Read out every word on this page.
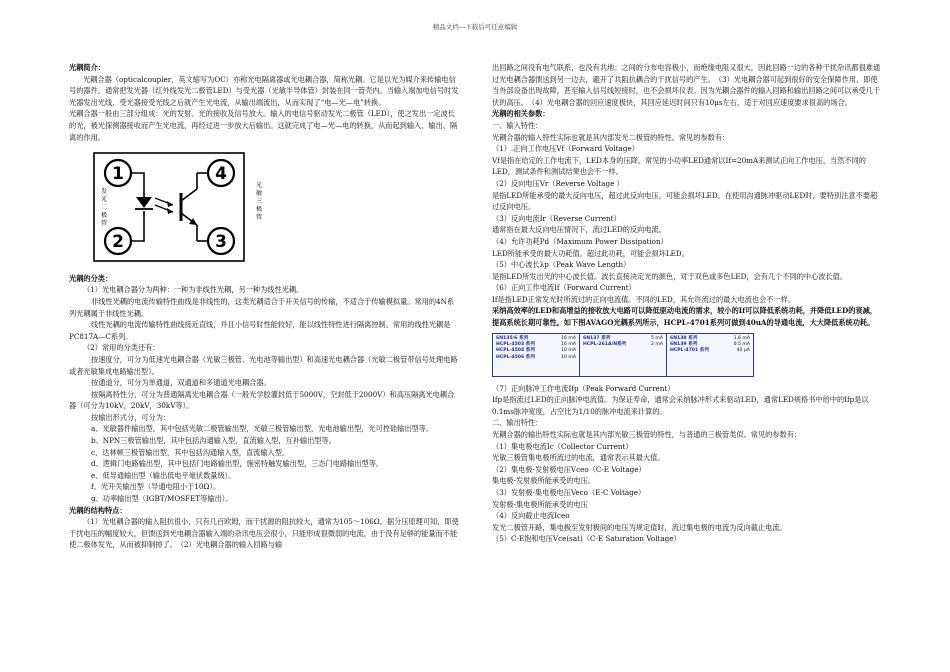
精品文档---下载后可任意编辑

光耦简介：

光耦合器（opticalcoupler，英文缩写为OC）亦称光电隔离器或光电耦合器，简称光耦。它是以光为媒介来传输电信号的器件，通常把发光器（红外线发光二极管LED）与受光器（光敏半导体管）封装在同一管壳内。当输入端加电信号时发光器发出光线，受光器接受光线之后就产生光电流，从输出端流出，从而实现了“电—光—电”转换。

光耦合器一般由三部分组成：光的发射、光的接收及信号放大。输入的电信号驱动发光二极管（LED），使之发出一定波长的光，被光探测器接收而产生光电流，再经过进一步放大后输出。这就完成了电—光—电的转换，从而起到输入、输出、隔离的作用。

1
2
4
3
发光二极管
光敏三极管

光耦的分类：

（1）光电耦合器分为两种：一种为非线性光耦，另一种为线性光耦。

非线性光耦的电流传输特性曲线是非线性的，这类光耦适合于开关信号的传输，不适合于传输模拟量。常用的4N系列光耦属于非线性光耦。

线性光耦的电流传输特性曲线接近直线，并且小信号时性能较好，能以线性特性进行隔离控制。常用的线性光耦是PC817A—C系列。

（2）常用的分类还有：

按速度分，可分为低速光电耦合器（光敏三极管、光电池等输出型）和高速光电耦合器（光敏二极管带信号处理电路或者光敏集成电路输出型）。

按通道分，可分为单通道，双通道和多通道光电耦合器。

按隔离特性分，可分为普通隔离光电耦合器（一般光学胶灌封低于5000V，空封低于2000V）和高压隔离光电耦合器（可分为10kV，20kV，30kV等）。

按输出形式分，可分为：

a、光敏器件输出型，其中包括光敏二极管输出型，光敏三极管输出型，光电池输出型，光可控硅输出型等。

b、NPN三极管输出型，其中包括沟通输入型，直流输入型，互补输出型等。

c、达林顿三极管输出型，其中包括沟通输入型，直流输入型。

d、逻辑门电路输出型，其中包括门电路输出型，施密特触发输出型，三态门电路输出型等。

e、低导通输出型（输出低电平毫伏数量级）。

f、光开关输出型（导通电阻小于10Ω）。

g、功率输出型（IGBT/MOSFET等输出）。

光耦的结构特点：

（1）光电耦合器的输入阻抗很小，只有几百欧姆，而干扰源的阻抗较大，通常为105～106Ω。据分压原理可知，即使干扰电压的幅度较大，但馈送到光电耦合器输入端的杂讯电压会很小，只能形成很微弱的电流，由于没有足够的能量而不能使二极体发光，从而被抑制掉了。　（2）光电耦合器的输入回路与输

出回路之间没有电气联系，也没有共地；之间的分布电容极小，而绝缘电阻又很大，因此回路一边的各种干扰杂讯都很难通过光电耦合器馈送到另一边去，避开了共阻抗耦合的干扰信号的产生。　（3）光电耦合器可起到很好的安全保障作用，即使当外部设备出现故障，甚至输入信号线短接时，也不会损坏仪表。因为光耦合器件的输入回路和输出回路之间可以承受几千伏的高压。　（4）光电耦合器的回应速度极快，其回应延迟时间只有10μs左右，适于对回应速度要求很高的场合。

光耦的相关参数：

一、输入特性：

光耦合器的输入特性实际也就是其内部发光二极管的特性。常见的参数有：

（1）.正向工作电压Vf（Forward Voltage）

Vf是指在给定的工作电流下，LED本身的压降。常见的小功率LED通常以If=20mA来测试正向工作电压，当然不同的LED，测试条件和测试结果也会不一样。

（2）反向电压Vr（Reverse Voltage ）

是指LED所能承受的最大反向电压，超过此反向电压，可能会损坏LED。在使用沟通脉冲驱动LED时，要特别注意不要超过反向电压。

（3）反向电流Ir（Reverse Current）

通常指在最大反向电压情况下，流过LED的反向电流。

（4）允许功耗Pd（Maximum Power Dissipation）

LED所能承受的最大功耗值。超过此功耗，可能会损坏LED。

（5）中心波长λp（Peak Wave Length）

是指LED所发出光的中心波长值。波长直接决定光的颜色，对于双色或多色LED，会有几个不同的中心波长值。

（6）正向工作电流If（Forward Current）

If是指LED正常发光时所流过的正向电流值。不同的LED，其允许流过的最大电流也会不一样。

采纳高效率的LED和高增益的接收放大电路可以降低驱动电流的需求，较小的If可以降低系统功耗，并降低LED的衰减，提高系统长期可靠性。如下图AVAGO光耦系列所示，HCPL-4701系列可做到40uA的导通电流，大大降低系统功耗。

6N135/6 系列	16 mA
HCPL-4503 系列	16 mA
HCPL-4504 系列	10 mA
HCPL-4506 系列	10 mA
6N137 系列	5 mA
HCPL-261A/N系列	2 mA
6N138 系列	1.6 mA
6N139 系列	0.5 mA
HCPL-4701 系列	40 μA

（7）正向脉冲工作电流Ifp（Peak Forward Current）

Ifp是指流过LED的正向脉冲电流值。为保证寿命，通常会采纳脉冲形式来驱动LED，通常LED规格书中给中的Ifp是以0.1ms脉冲宽度，占空比为1/10的脉冲电流来计算的。

二、输出特性：

光耦合器的输出特性实际也就是其内部光敏三极管的特性，与普通的三极管类似。常见的参数有：

（1）集电极电流Ic（Collector Current）

光敏三极管集电极所流过的电流，通常表示其最大值。

（2）集电极-发射极电压Vceo（C-E Voltage）

集电极-发射极所能承受的电压。

（3）发射极-集电极电压Veco（E-C Voltage）

发射极-集电极所能承受的电压

（4）反向截止电流Iceo

发光二极管开路，集电极至发射极间的电压为规定值时，流过集电极的电流为反向截止电流。

（5）C-E饱和电压Vce(sat)（C-E Saturation Voltage）
